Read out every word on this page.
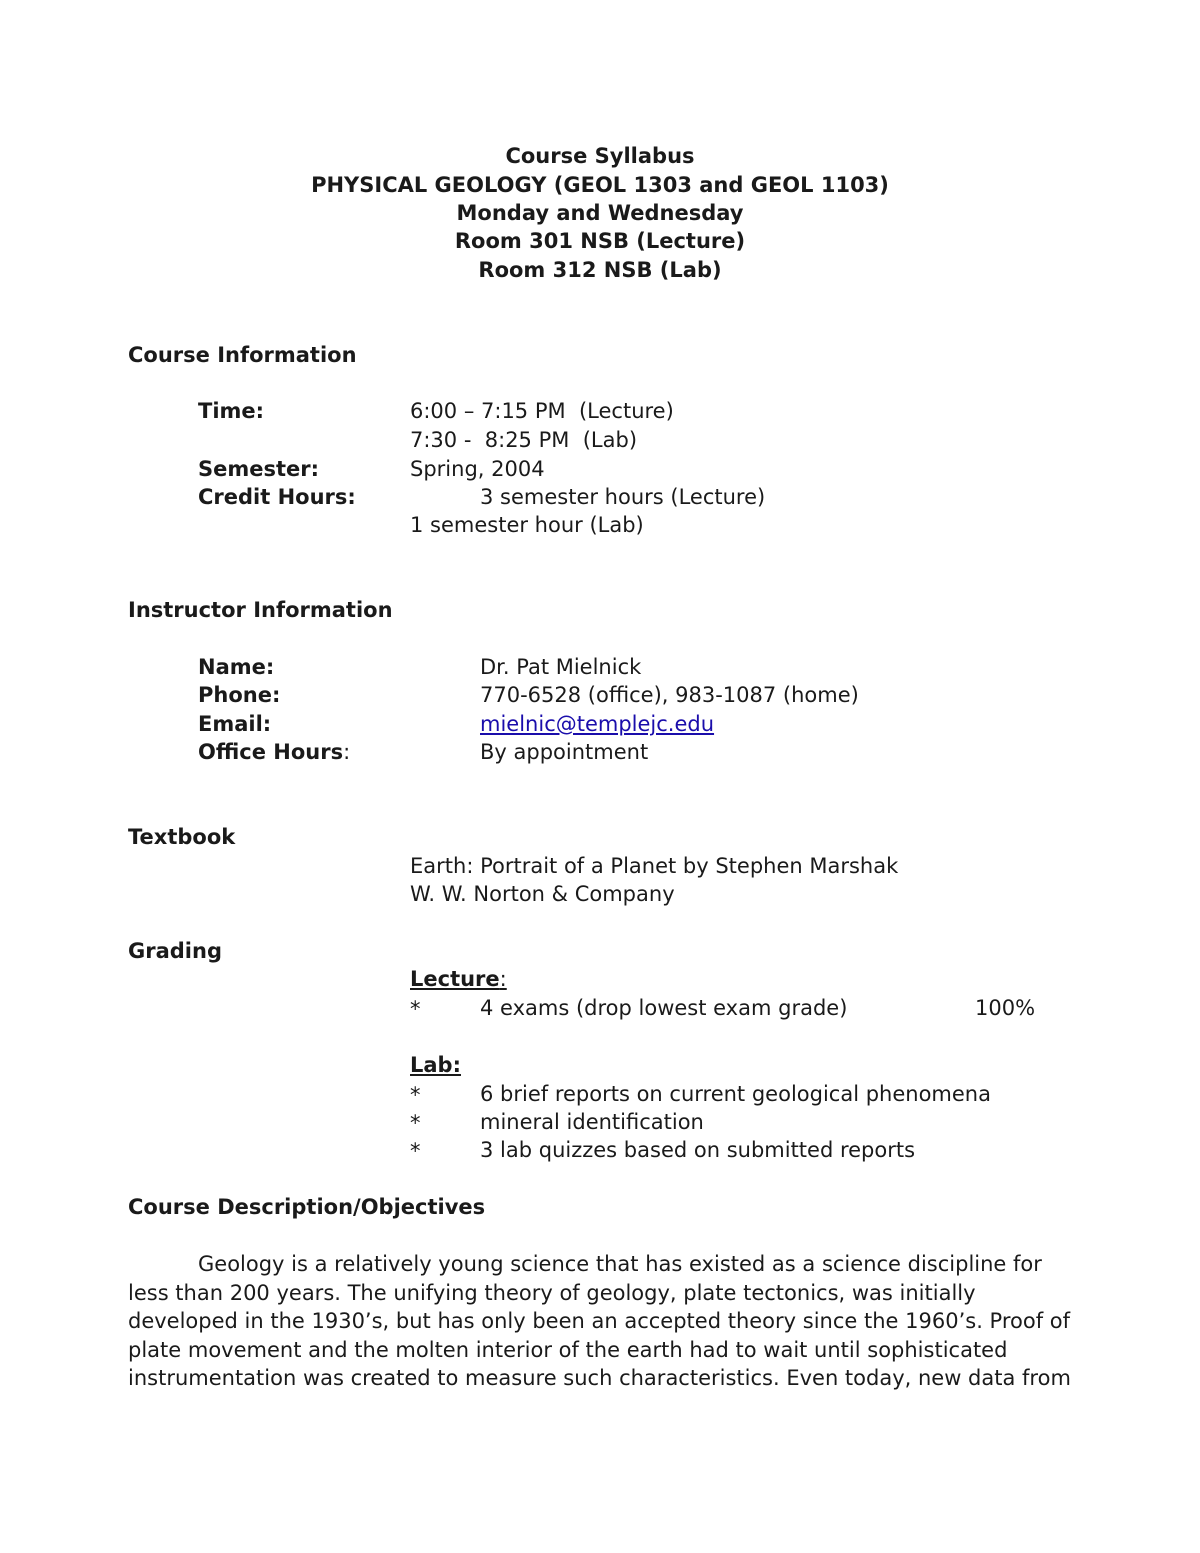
Course Syllabus
PHYSICAL GEOLOGY (GEOL 1303 and GEOL 1103)
Monday and Wednesday
Room 301 NSB (Lecture)
Room 312 NSB (Lab)
Course Information
Time:	6:00 – 7:15 PM  (Lecture)
7:30 -  8:25 PM  (Lab)
Semester:	Spring, 2004
Credit Hours:	3 semester hours (Lecture)
1 semester hour (Lab)
Instructor Information
Name:	Dr. Pat Mielnick
Phone:	770-6528 (office), 983-1087 (home)
Email:	mielnic@templejc.edu
Office Hours:	By appointment
Textbook
Earth: Portrait of a Planet by Stephen Marshak
W. W. Norton & Company
Grading
Lecture:
*	4 exams (drop lowest exam grade)	100%
Lab:
*	6 brief reports on current geological phenomena
*	mineral identification
*	3 lab quizzes based on submitted reports
Course Description/Objectives

Geology is a relatively young science that has existed as a science discipline for less than 200 years. The unifying theory of geology, plate tectonics, was initially developed in the 1930’s, but has only been an accepted theory since the 1960’s. Proof of plate movement and the molten interior of the earth had to wait until sophisticated instrumentation was created to measure such characteristics. Even today, new data from
